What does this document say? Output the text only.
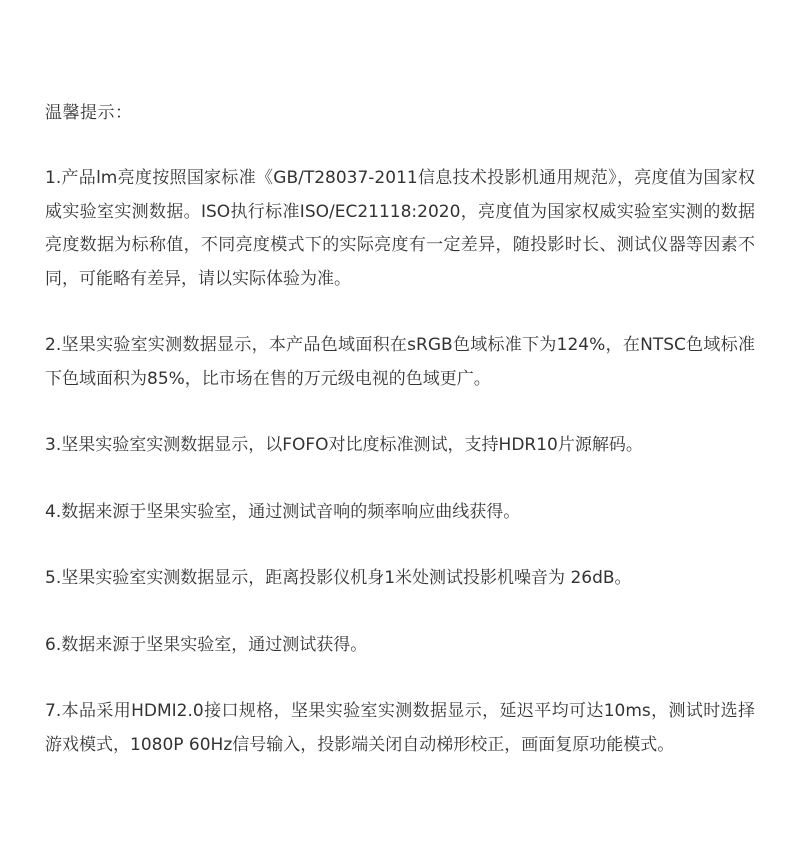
温馨提示：

1.产品lm亮度按照国家标准《GB/T28037-2011信息技术投影机通用规范》，亮度值为国家权威实验室实测数据。ISO执行标准ISO/EC21118:2020，亮度值为国家权威实验室实测的数据亮度数据为标称值，不同亮度模式下的实际亮度有一定差异，随投影时长、测试仪器等因素不同，可能略有差异，请以实际体验为准。

2.坚果实验室实测数据显示，本产品色域面积在sRGB色域标准下为124%，在NTSC色域标准下色域面积为85%，比市场在售的万元级电视的色域更广。

3.坚果实验室实测数据显示，以FOFO对比度标准测试，支持HDR10片源解码。

4.数据来源于坚果实验室，通过测试音响的频率响应曲线获得。

5.坚果实验室实测数据显示，距离投影仪机身1米处测试投影机噪音为 26dB。

6.数据来源于坚果实验室，通过测试获得。

7.本品采用HDMI2.0接口规格，坚果实验室实测数据显示，延迟平均可达10ms，测试时选择游戏模式，1080P 60Hz信号输入，投影端关闭自动梯形校正，画面复原功能模式。
